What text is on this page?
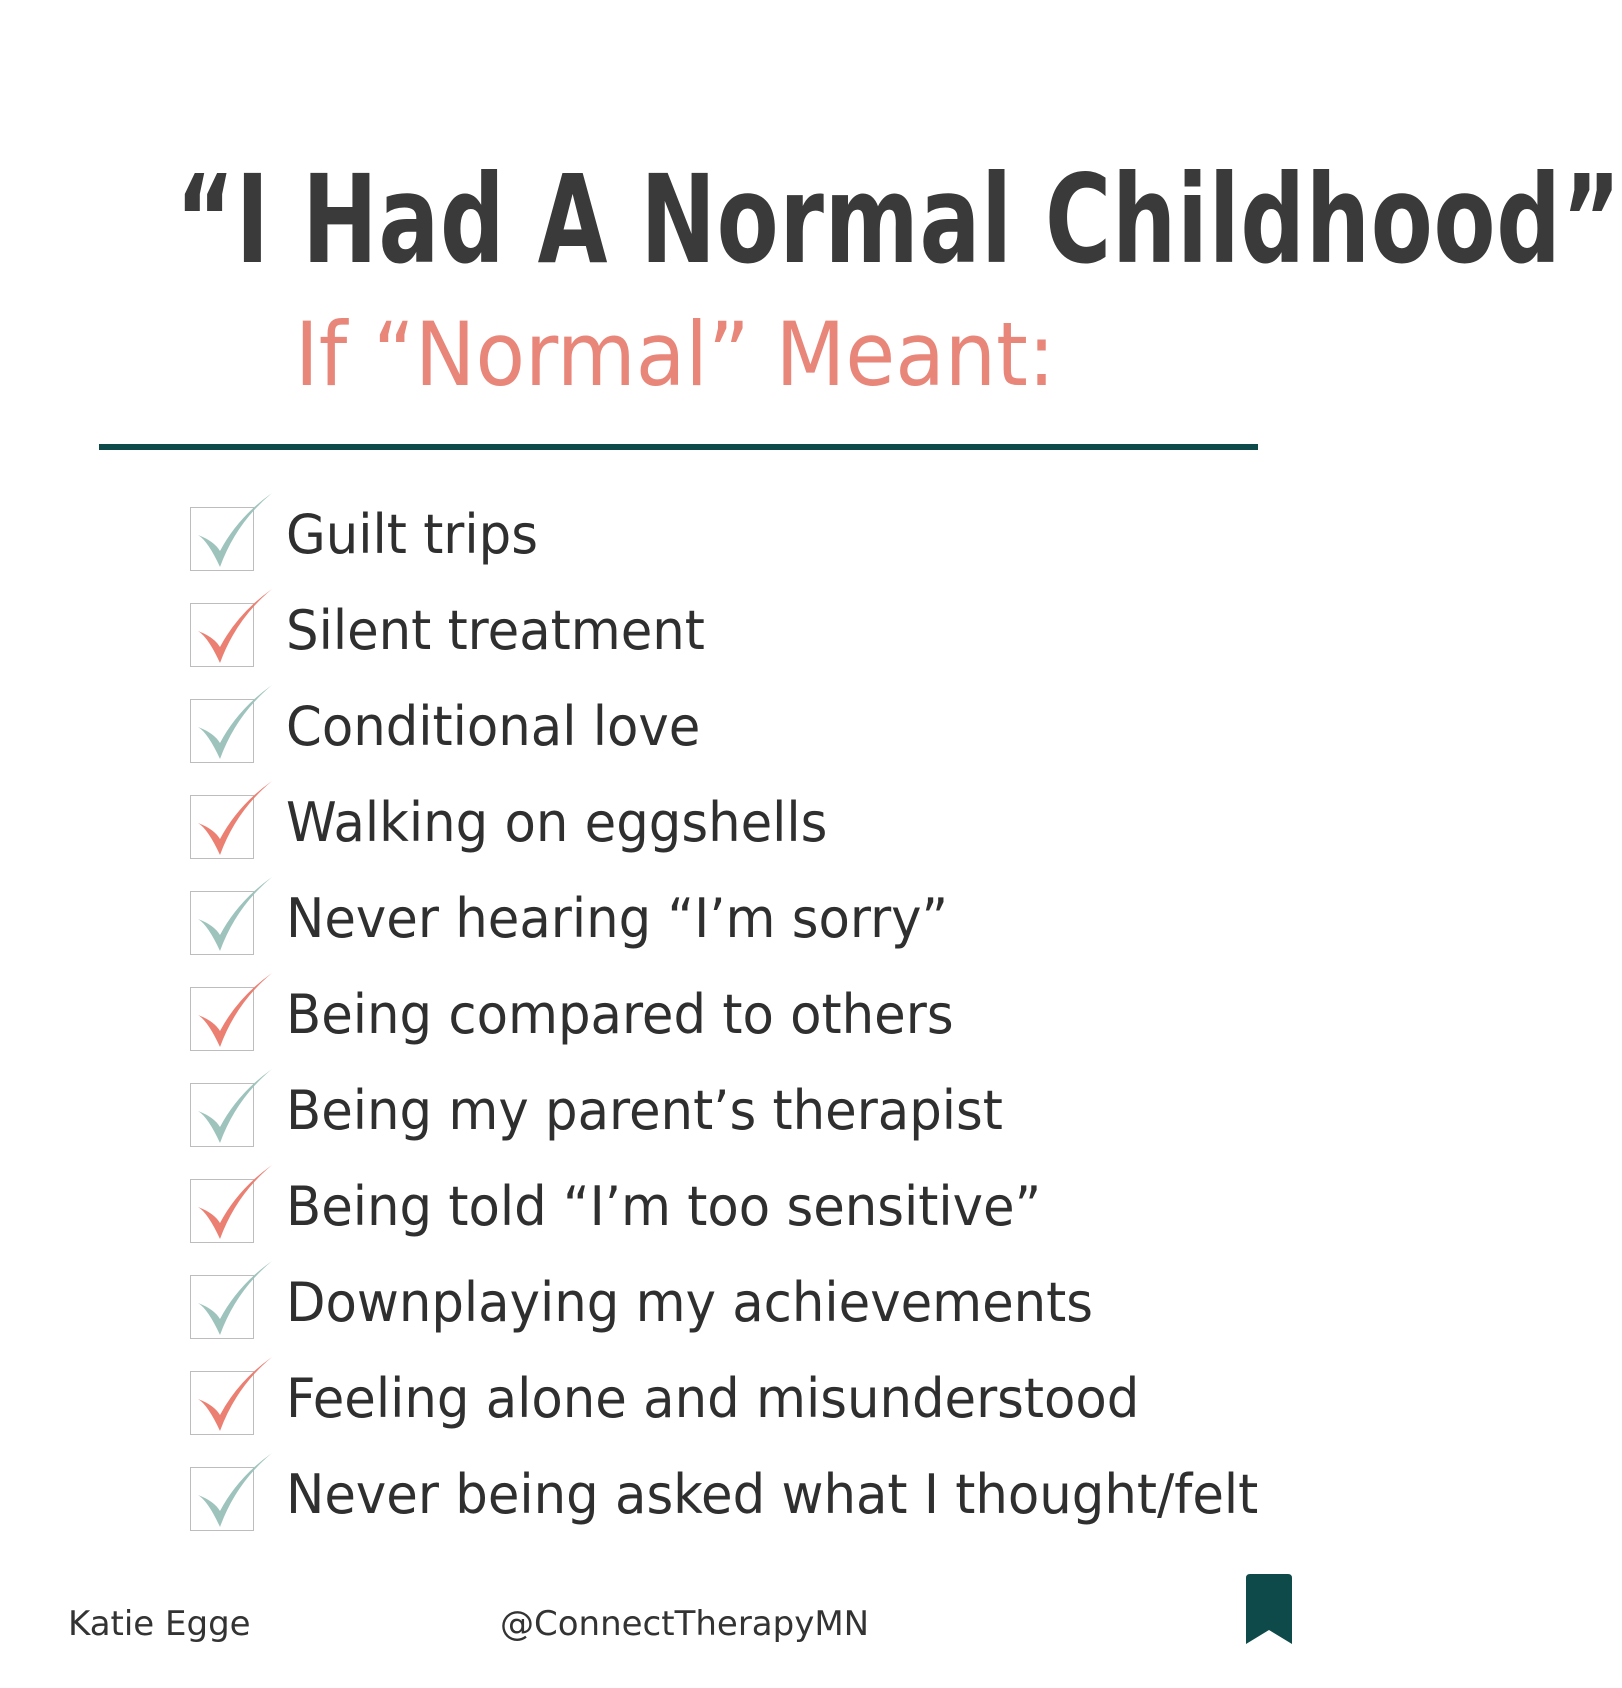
“I Had A Normal Childhood”
If “Normal” Meant:
Guilt trips
Silent treatment
Conditional love
Walking on eggshells
Never hearing “I’m sorry”
Being compared to others
Being my parent’s therapist
Being told “I’m too sensitive”
Downplaying my achievements
Feeling alone and misunderstood
Never being asked what I thought/felt
Katie Egge	@ConnectTherapyMN
